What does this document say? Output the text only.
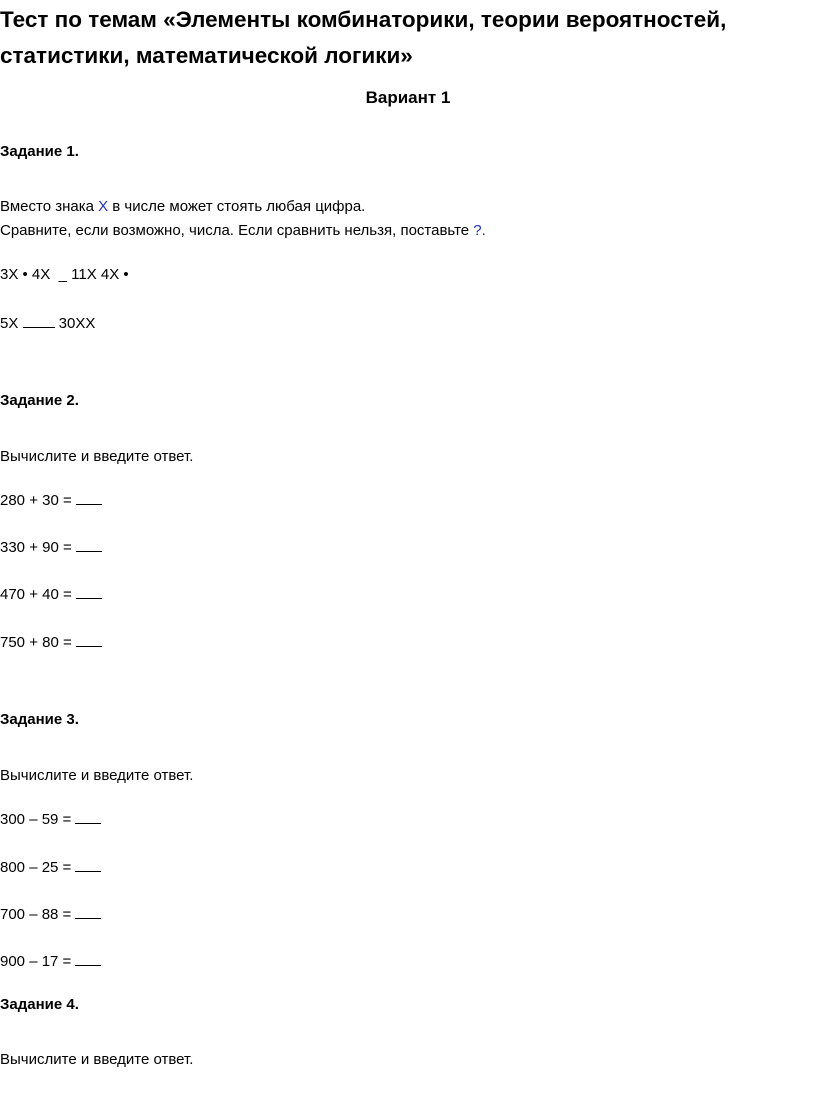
Тест по темам «Элементы комбинаторики, теории вероятностей, статистики, математической логики»
Вариант 1
Задание 1.
Вместо знака X в числе может стоять любая цифра.
Сравните, если возможно, числа. Если сравнить нельзя, поставьте ?.
3X • 4X  _ 11X 4X •
5X  30XX
Задание 2.
Вычислите и введите ответ.
280 + 30 =
330 + 90 =
470 + 40 =
750 + 80 =
Задание 3.
Вычислите и введите ответ.
300 – 59 =
800 – 25 =
700 – 88 =
900 – 17 =
Задание 4.
Вычислите и введите ответ.
